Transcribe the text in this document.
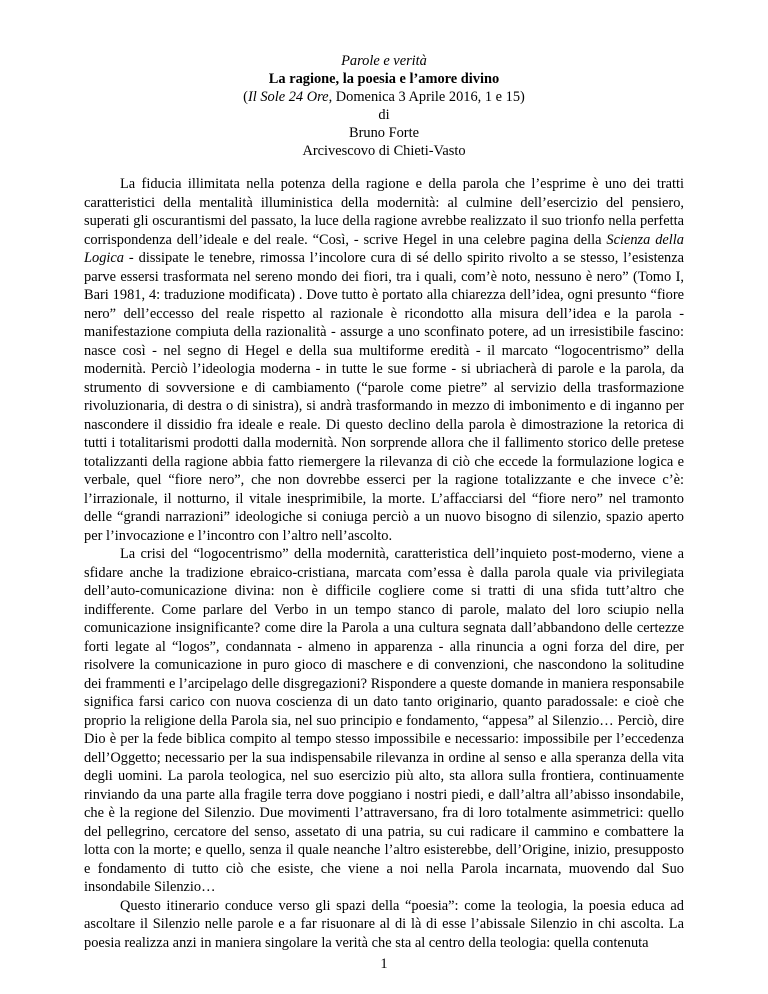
Parole e verità
La ragione, la poesia e l’amore divino
(Il Sole 24 Ore, Domenica 3 Aprile 2016, 1 e 15)
di
Bruno Forte
Arcivescovo di Chieti-Vasto

La fiducia illimitata nella potenza della ragione e della parola che l’esprime è uno dei tratti caratteristici della mentalità illuministica della modernità: al culmine dell’esercizio del pensiero, superati gli oscurantismi del passato, la luce della ragione avrebbe realizzato il suo trionfo nella perfetta corrispondenza dell’ideale e del reale. “Così, - scrive Hegel in una celebre pagina della Scienza della Logica - dissipate le tenebre, rimossa l’incolore cura di sé dello spirito rivolto a se stesso, l’esistenza parve essersi trasformata nel sereno mondo dei fiori, tra i quali, com’è noto, nessuno è nero” (Tomo I, Bari 1981, 4: traduzione modificata) . Dove tutto è portato alla chiarezza dell’idea, ogni presunto “fiore nero” dell’eccesso del reale rispetto al razionale è ricondotto alla misura dell’idea e la parola - manifestazione compiuta della razionalità - assurge a uno sconfinato potere, ad un irresistibile fascino: nasce così - nel segno di Hegel e della sua multiforme eredità - il marcato “logocentrismo” della modernità. Perciò l’ideologia moderna - in tutte le sue forme - si ubriacherà di parole e la parola, da strumento di sovversione e di cambiamento (“parole come pietre” al servizio della trasformazione rivoluzionaria, di destra o di sinistra), si andrà trasformando in mezzo di imbonimento e di inganno per nascondere il dissidio fra ideale e reale. Di questo declino della parola è dimostrazione la retorica di tutti i totalitarismi prodotti dalla modernità. Non sorprende allora che il fallimento storico delle pretese totalizzanti della ragione abbia fatto riemergere la rilevanza di ciò che eccede la formulazione logica e verbale, quel “fiore nero”, che non dovrebbe esserci per la ragione totalizzante e che invece c’è: l’irrazionale, il notturno, il vitale inesprimibile, la morte. L’affacciarsi del “fiore nero” nel tramonto delle “grandi narrazioni” ideologiche si coniuga perciò a un nuovo bisogno di silenzio, spazio aperto per l’invocazione e l’incontro con l’altro nell’ascolto.

La crisi del “logocentrismo” della modernità, caratteristica dell’inquieto post-moderno, viene a sfidare anche la tradizione ebraico-cristiana, marcata com’essa è dalla parola quale via privilegiata dell’auto-comunicazione divina: non è difficile cogliere come si tratti di una sfida tutt’altro che indifferente. Come parlare del Verbo in un tempo stanco di parole, malato del loro sciupio nella comunicazione insignificante? come dire la Parola a una cultura segnata dall’abbandono delle certezze forti legate al “logos”, condannata - almeno in apparenza - alla rinuncia a ogni forza del dire, per risolvere la comunicazione in puro gioco di maschere e di convenzioni, che nascondono la solitudine dei frammenti e l’arcipelago delle disgregazioni? Rispondere a queste domande in maniera responsabile significa farsi carico con nuova coscienza di un dato tanto originario, quanto paradossale: e cioè che proprio la religione della Parola sia, nel suo principio e fondamento, “appesa” al Silenzio… Perciò, dire Dio è per la fede biblica compito al tempo stesso impossibile e necessario: impossibile per l’eccedenza dell’Oggetto; necessario per la sua indispensabile rilevanza in ordine al senso e alla speranza della vita degli uomini. La parola teologica, nel suo esercizio più alto, sta allora sulla frontiera, continuamente rinviando da una parte alla fragile terra dove poggiano i nostri piedi, e dall’altra all’abisso insondabile, che è la regione del Silenzio. Due movimenti l’attraversano, fra di loro totalmente asimmetrici: quello del pellegrino, cercatore del senso, assetato di una patria, su cui radicare il cammino e combattere la lotta con la morte; e quello, senza il quale neanche l’altro esisterebbe, dell’Origine, inizio, presupposto e fondamento di tutto ciò che esiste, che viene a noi nella Parola incarnata, muovendo dal Suo insondabile Silenzio…

Questo itinerario conduce verso gli spazi della “poesia”: come la teologia, la poesia educa ad ascoltare il Silenzio nelle parole e a far risuonare al di là di esse l’abissale Silenzio in chi ascolta. La poesia realizza anzi in maniera singolare la verità che sta al centro della teologia: quella contenuta

1
